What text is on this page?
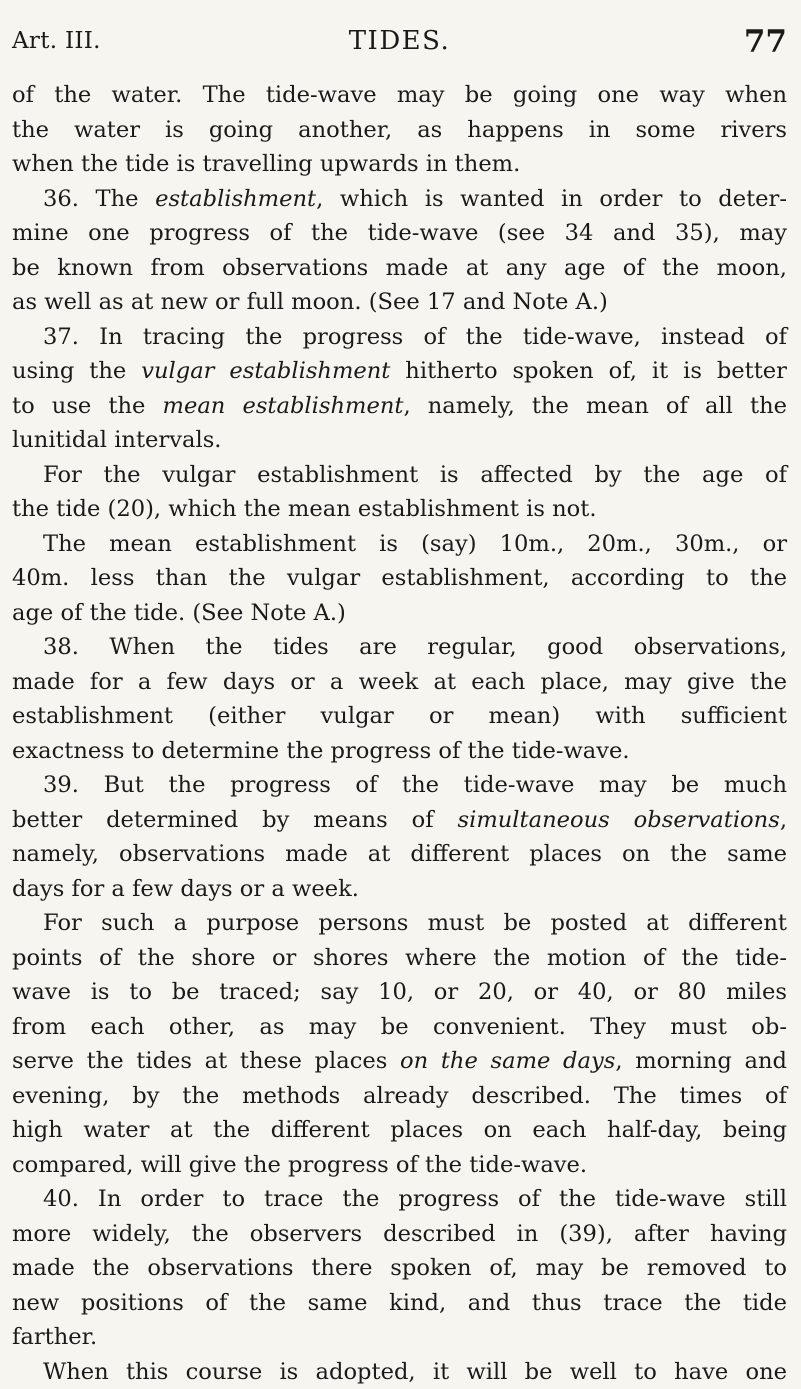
Art. III.	TIDES.	77
of the water. The tide-wave may be going one way when
the water is going another, as happens in some rivers
when the tide is travelling upwards in them.
36. The establishment, which is wanted in order to deter-
mine one progress of the tide-wave (see 34 and 35), may
be known from observations made at any age of the moon,
as well as at new or full moon. (See 17 and Note A.)
37. In tracing the progress of the tide-wave, instead of
using the vulgar establishment hitherto spoken of, it is better
to use the mean establishment, namely, the mean of all the
lunitidal intervals.
For the vulgar establishment is affected by the age of
the tide (20), which the mean establishment is not.
The mean establishment is (say) 10m., 20m., 30m., or
40m. less than the vulgar establishment, according to the
age of the tide. (See Note A.)
38. When the tides are regular, good observations,
made for a few days or a week at each place, may give the
establishment (either vulgar or mean) with sufficient
exactness to determine the progress of the tide-wave.
39. But the progress of the tide-wave may be much
better determined by means of simultaneous observations,
namely, observations made at different places on the same
days for a few days or a week.
For such a purpose persons must be posted at different
points of the shore or shores where the motion of the tide-
wave is to be traced; say 10, or 20, or 40, or 80 miles
from each other, as may be convenient. They must ob-
serve the tides at these places on the same days, morning and
evening, by the methods already described. The times of
high water at the different places on each half-day, being
compared, will give the progress of the tide-wave.
40. In order to trace the progress of the tide-wave still
more widely, the observers described in (39), after having
made the observations there spoken of, may be removed to
new positions of the same kind, and thus trace the tide
farther.
When this course is adopted, it will be well to have one
